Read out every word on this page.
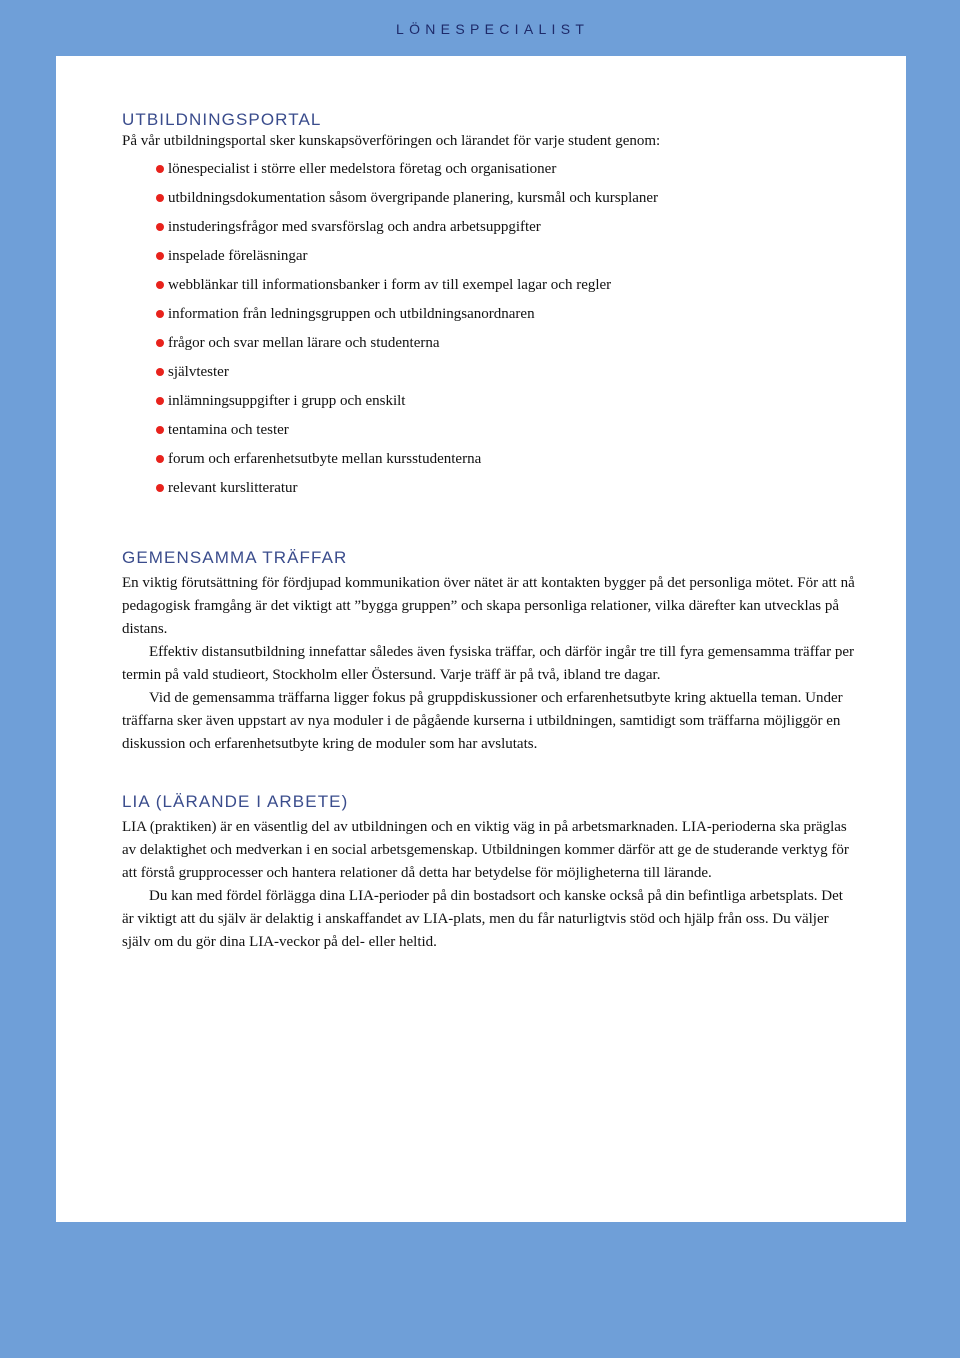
LÖNESPECIALIST
UTBILDNINGSPORTAL

På vår utbildningsportal sker kunskapsöverföringen och lärandet för varje student genom:

lönespecialist i större eller medelstora företag och organisationer
utbildningsdokumentation såsom övergripande planering, kursmål och kursplaner
instuderingsfrågor med svarsförslag och andra arbetsuppgifter
inspelade föreläsningar
webblänkar till informationsbanker i form av till exempel lagar och regler
information från ledningsgruppen och utbildningsanordnaren
frågor och svar mellan lärare och studenterna
självtester
inlämningsuppgifter i grupp och enskilt
tentamina och tester
forum och erfarenhetsutbyte mellan kursstudenterna
relevant kurslitteratur
GEMENSAMMA TRÄFFAR

En viktig förutsättning för fördjupad kommunikation över nätet är att kontakten bygger på det personliga mötet. För att nå pedagogisk framgång är det viktigt att ”bygga gruppen” och skapa personliga relationer, vilka därefter kan utvecklas på distans.

Effektiv distansutbildning innefattar således även fysiska träffar, och därför ingår tre till fyra gemensamma träffar per termin på vald studieort, Stockholm eller Östersund. Varje träff är på två, ibland tre dagar.

Vid de gemensamma träffarna ligger fokus på gruppdiskussioner och erfarenhetsutbyte kring aktuella teman. Under träffarna sker även uppstart av nya moduler i de pågående kurserna i utbildningen, samtidigt som träffarna möjliggör en diskussion och erfarenhetsutbyte kring de moduler som har avslutats.

LIA (LÄRANDE I ARBETE)

LIA (praktiken) är en väsentlig del av utbildningen och en viktig väg in på arbetsmarknaden. LIA-perioderna ska präglas av delaktighet och medverkan i en social arbetsgemenskap. Utbildningen kommer därför att ge de studerande verktyg för att förstå grupprocesser och hantera relationer då detta har betydelse för möjligheterna till lärande.

Du kan med fördel förlägga dina LIA-perioder på din bostadsort och kanske också på din befintliga arbetsplats. Det är viktigt att du själv är delaktig i anskaffandet av LIA-plats, men du får naturligtvis stöd och hjälp från oss. Du väljer själv om du gör dina LIA-veckor på del- eller heltid.
